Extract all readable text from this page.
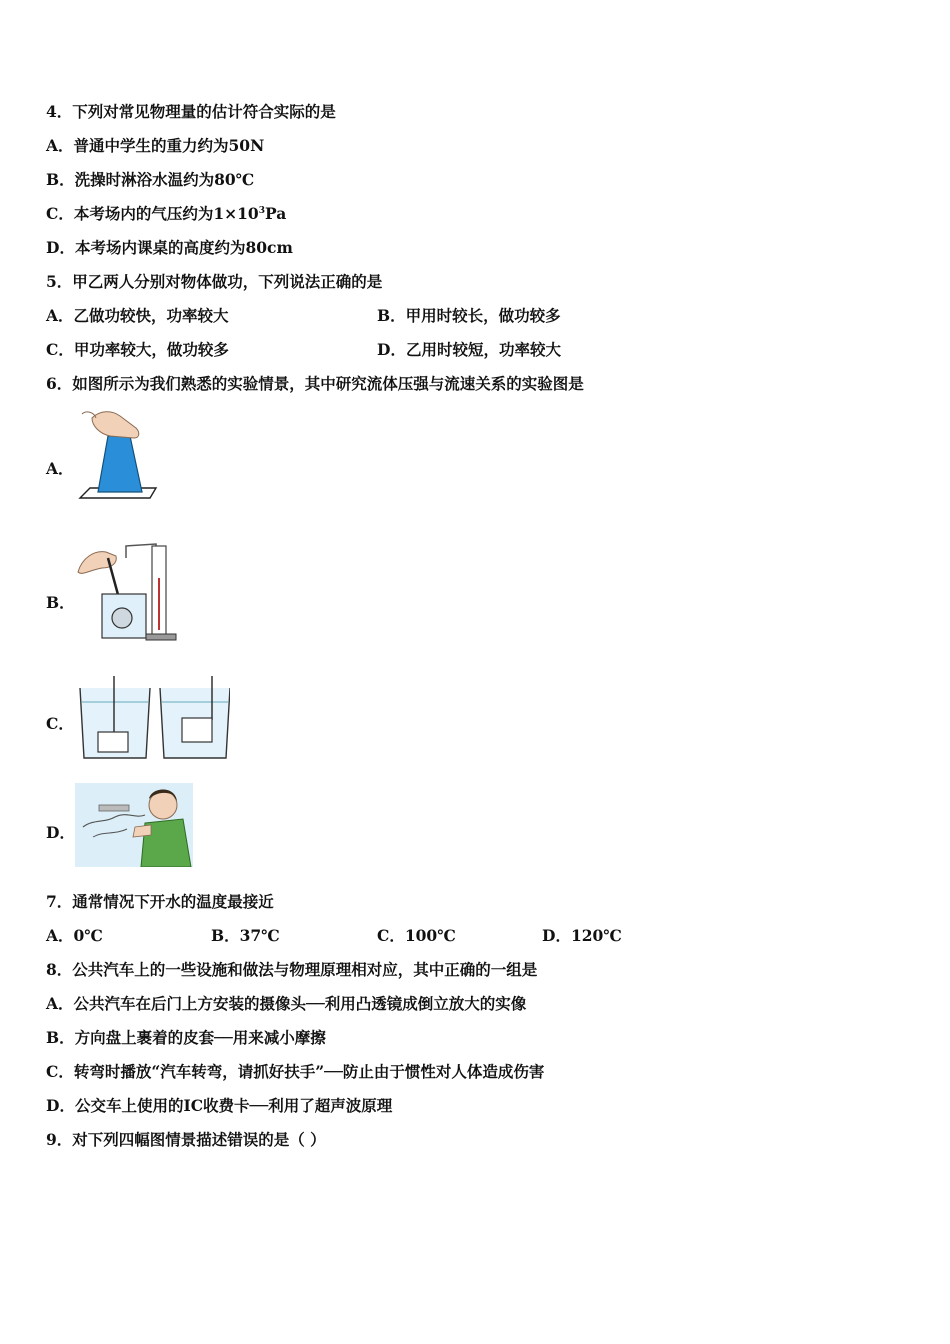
4．下列对常见物理量的估计符合实际的是
A．普通中学生的重力约为50N
B．洗操时淋浴水温约为80℃
C．本考场内的气压约为$1\times 10^3Pa$
D．本考场内课桌的高度约为80cm
5．甲乙两人分别对物体做功，下列说法正确的是
A．乙做功较快，功率较大	B．甲用时较长，做功较多
C．甲功率较大，做功较多	D．乙用时较短，功率较大
6．如图所示为我们熟悉的实验情景，其中研究流体压强与流速关系的实验图是
A．
B．
C．
D．
7．通常情况下开水的温度最接近
A．0℃	B．37℃	C．100℃	D．120℃
8．公共汽车上的一些设施和做法与物理原理相对应，其中正确的一组是
A．公共汽车在后门上方安装的摄像头──利用凸透镜成倒立放大的实像
B．方向盘上裹着的皮套──用来减小摩擦
C．转弯时播放“汽车转弯，请抓好扶手”──防止由于惯性对人体造成伤害
D．公交车上使用的IC收费卡──利用了超声波原理
9．对下列四幅图情景描述错误的是（ ）
